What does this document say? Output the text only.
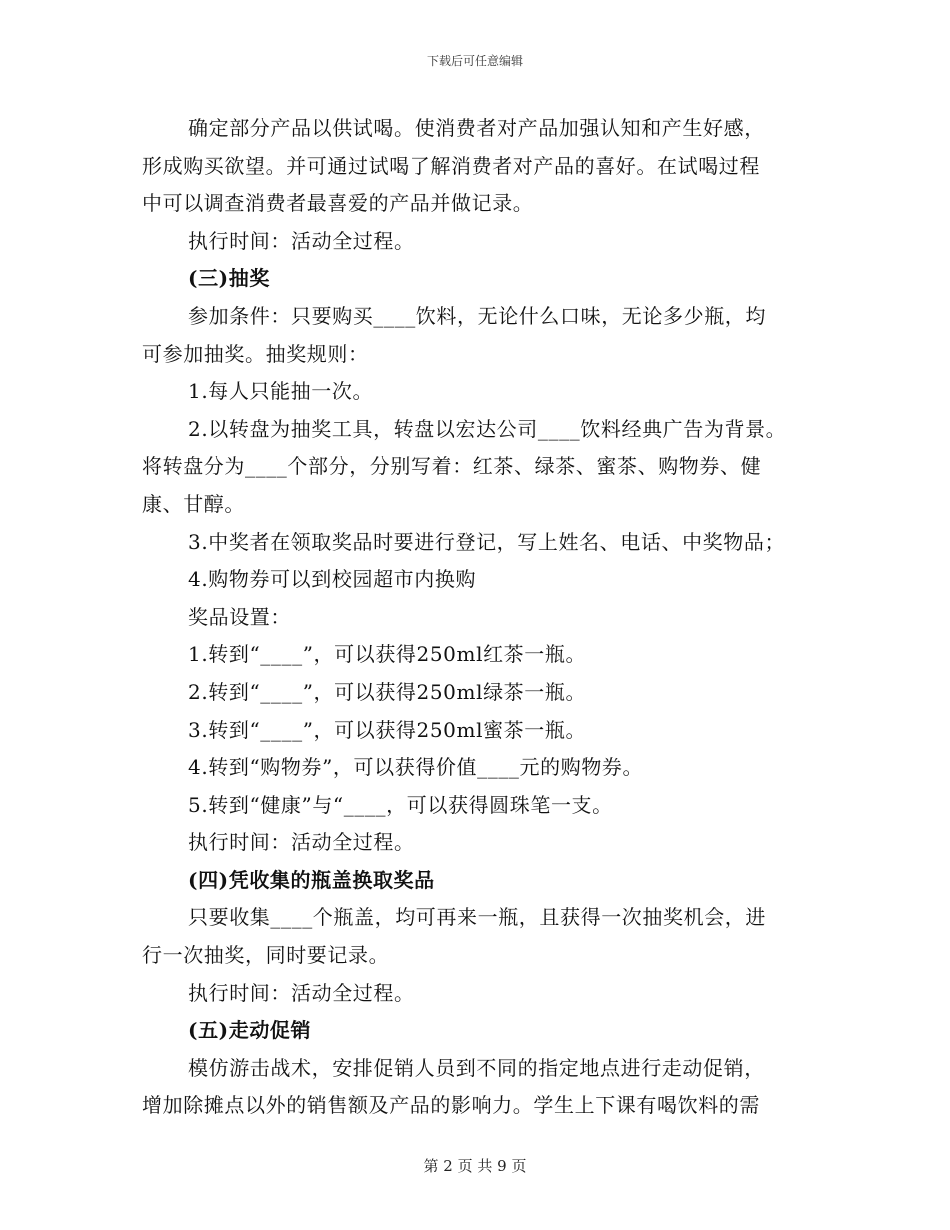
下载后可任意编辑
确定部分产品以供试喝。使消费者对产品加强认知和产生好感，
形成购买欲望。并可通过试喝了解消费者对产品的喜好。在试喝过程
中可以调查消费者最喜爱的产品并做记录。
执行时间：活动全过程。
(三)抽奖
参加条件：只要购买____饮料，无论什么口味，无论多少瓶，均
可参加抽奖。抽奖规则：
1.每人只能抽一次。
2.以转盘为抽奖工具，转盘以宏达公司____饮料经典广告为背景。
将转盘分为____个部分，分别写着：红茶、绿茶、蜜茶、购物券、健
康、甘醇。
3.中奖者在领取奖品时要进行登记，写上姓名、电话、中奖物品；
4.购物券可以到校园超市内换购
奖品设置：
1.转到“____”，可以获得250ml红茶一瓶。
2.转到“____”，可以获得250ml绿茶一瓶。
3.转到“____”，可以获得250ml蜜茶一瓶。
4.转到“购物券”，可以获得价值____元的购物券。
5.转到“健康”与“____，可以获得圆珠笔一支。
执行时间：活动全过程。
(四)凭收集的瓶盖换取奖品
只要收集____个瓶盖，均可再来一瓶，且获得一次抽奖机会，进
行一次抽奖，同时要记录。
执行时间：活动全过程。
(五)走动促销
模仿游击战术，安排促销人员到不同的指定地点进行走动促销，
增加除摊点以外的销售额及产品的影响力。学生上下课有喝饮料的需
第 2 页 共 9 页
